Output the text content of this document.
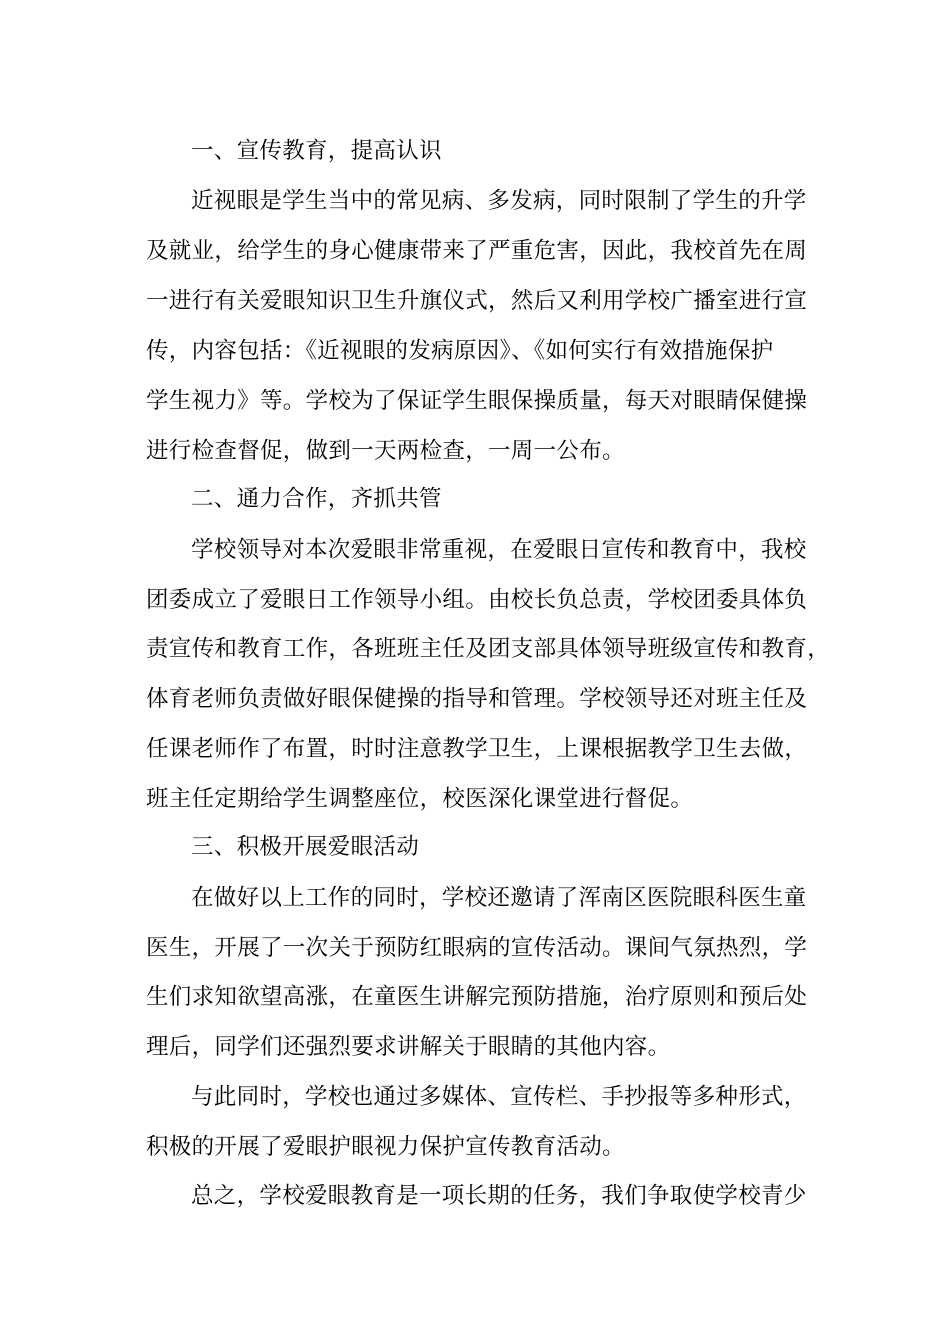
一、宣传教育，提高认识
近视眼是学生当中的常见病、多发病，同时限制了学生的升学
及就业，给学生的身心健康带来了严重危害，因此，我校首先在周
一进行有关爱眼知识卫生升旗仪式，然后又利用学校广播室进行宣
传，内容包括：《近视眼的发病原因》、《如何实行有效措施保护
学生视力》等。学校为了保证学生眼保操质量，每天对眼睛保健操
进行检查督促，做到一天两检查，一周一公布。
二、通力合作，齐抓共管
学校领导对本次爱眼非常重视，在爱眼日宣传和教育中，我校
团委成立了爱眼日工作领导小组。由校长负总责，学校团委具体负
责宣传和教育工作，各班班主任及团支部具体领导班级宣传和教育，
体育老师负责做好眼保健操的指导和管理。学校领导还对班主任及
任课老师作了布置，时时注意教学卫生，上课根据教学卫生去做，
班主任定期给学生调整座位，校医深化课堂进行督促。
三、积极开展爱眼活动
在做好以上工作的同时，学校还邀请了浑南区医院眼科医生童
医生，开展了一次关于预防红眼病的宣传活动。课间气氛热烈，学
生们求知欲望高涨，在童医生讲解完预防措施，治疗原则和预后处
理后，同学们还强烈要求讲解关于眼睛的其他内容。
与此同时，学校也通过多媒体、宣传栏、手抄报等多种形式，
积极的开展了爱眼护眼视力保护宣传教育活动。
总之，学校爱眼教育是一项长期的任务，我们争取使学校青少
